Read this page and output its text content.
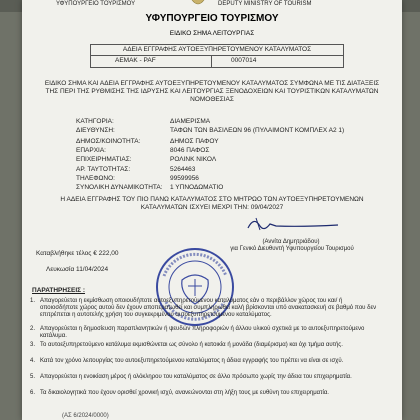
ΥΦΥΠΟΥΡΓΕΙΟ ΤΟΥΡΙΣΜΟΥ	DEPUTY MINISTRY OF TOURISM
ΥΦΥΠΟΥΡΓΕΙΟ ΤΟΥΡΙΣΜΟΥ
ΕΙΔΙΚΟ ΣΗΜΑ ΛΕΙΤΟΥΡΓΙΑΣ
ΑΔΕΙΑ ΕΓΓΡΑΦΗΣ ΑΥΤΟΕΞΥΠΗΡΕΤΟΥΜΕΝΟΥ ΚΑΤΑΛΥΜΑΤΟΣ
ΑΕΜΑΚ - PAF	0007014
ΕΙΔΙΚΟ ΣΗΜΑ ΚΑΙ ΑΔΕΙΑ ΕΓΓΡΑΦΗΣ ΑΥΤΟΕΞΥΠΗΡΕΤΟΥΜΕΝΟΥ ΚΑΤΑΛΥΜΑΤΟΣ ΣΥΜΦΩΝΑ ΜΕ ΤΙΣ ΔΙΑΤΑΞΕΙΣ ΤΗΣ ΠΕΡΙ ΤΗΣ ΡΥΘΜΙΣΗΣ ΤΗΣ ΙΔΡΥΣΗΣ ΚΑΙ ΛΕΙΤΟΥΡΓΙΑΣ ΞΕΝΟΔΟΧΕΙΩΝ ΚΑΙ ΤΟΥΡΙΣΤΙΚΩΝ ΚΑΤΑΛΥΜΑΤΩΝ ΝΟΜΟΘΕΣΙΑΣ
ΚΑΤΗΓΟΡΙΑ:	ΔΙΑΜΕΡΙΣΜΑ
ΔΙΕΥΘΥΝΣΗ:	ΤΑΦΩΝ ΤΩΝ ΒΑΣΙΛΕΩΝ 96 (ΠΥΛΑΙΜΟΝΤ ΚΟΜΠΛΕΧ Α2 1)
ΔΗΜΟΣ/ΚΟΙΝΟΤΗΤΑ:	ΔΗΜΟΣ ΠΑΦΟΥ
ΕΠΑΡΧΙΑ:	8046 ΠΑΦΟΣ
ΕΠΙΧΕΙΡΗΜΑΤΙΑΣ:	ΡΟΛΙΝΚ ΝΙΚΟΛ
ΑΡ. ΤΑΥΤΟΤΗΤΑΣ:	5264463
ΤΗΛΕΦΩΝΟ:	99599956
ΣΥΝΟΛΙΚΗ ΔΥΝΑΜΙΚΟΤΗΤΑ: 1 ΥΠΝΟΔΩΜΑΤΙΟ
Η ΑΔΕΙΑ ΕΓΓΡΑΦΗΣ ΤΟΥ ΠΙΟ ΠΑΝΩ ΚΑΤΑΛΥΜΑΤΟΣ ΣΤΟ ΜΗΤΡΩΟ ΤΩΝ ΑΥΤΟΕΞΥΠΗΡΕΤΟΥΜΕΝΩΝ ΚΑΤΑΛΥΜΑΤΩΝ ΙΣΧΥΕΙ ΜΕΧΡΙ ΤΗΝ: 09/04/2027
(Αννίτα Δημητριάδου)
για Γενικό Διευθυντή Υφυπουργείου Τουρισμού
Καταβλήθηκε τέλος € 222,00
Λευκωσία 11/04/2024
ΠΑΡΑΤΗΡΗΣΕΙΣ :
1. Απαγορεύεται η εκμίσθωση οποιουδήποτε αυτοεξυπηρετούμενου καταλύματος εάν ο περιβάλλον χώρος του και/ ή οποιοσδήποτε χώρος αυτού δεν έχουν αποπερατωθεί και συμπληρωθεί καλή βρίσκονται υπό ανακατασκευή σε βαθμό που δεν επιτρέπεται η αυτοτελής χρήση του συγκεκριμένου αυτοεξυπηρετούμενου καταλύματος.
2. Απαγορεύεται η δημοσίευση παραπλανητικών ή ψευδών πληροφοριών ή άλλου υλικού σχετικά με το αυτοεξυπηρετούμενο κατάλυμα.
3. Το αυτοεξυπηρετούμενο κατάλυμα εκμισθώνεται ως σύνολο ή κατοικία ή μονάδα (διαμέρισμα) και όχι τμήμα αυτής.
4. Κατά τον χρόνο λειτουργίας του αυτοεξυπηρετούμενου καταλύματος η άδεια εγγραφής του πρέπει να είναι σε ισχύ.
5. Απαγορεύεται η ενοικίαση μέρος ή ολόκληρου του καταλύματος σε άλλο πρόσωπο χωρίς την άδεια του επιχειρηματία.
6. Τα δικαιολογητικά που έχουν ορισθεί χρονική ισχύ, ανανεώνονται στη λήξη τους με ευθύνη του επιχειρηματία.
(ΑΣ 6/2024/0000)
